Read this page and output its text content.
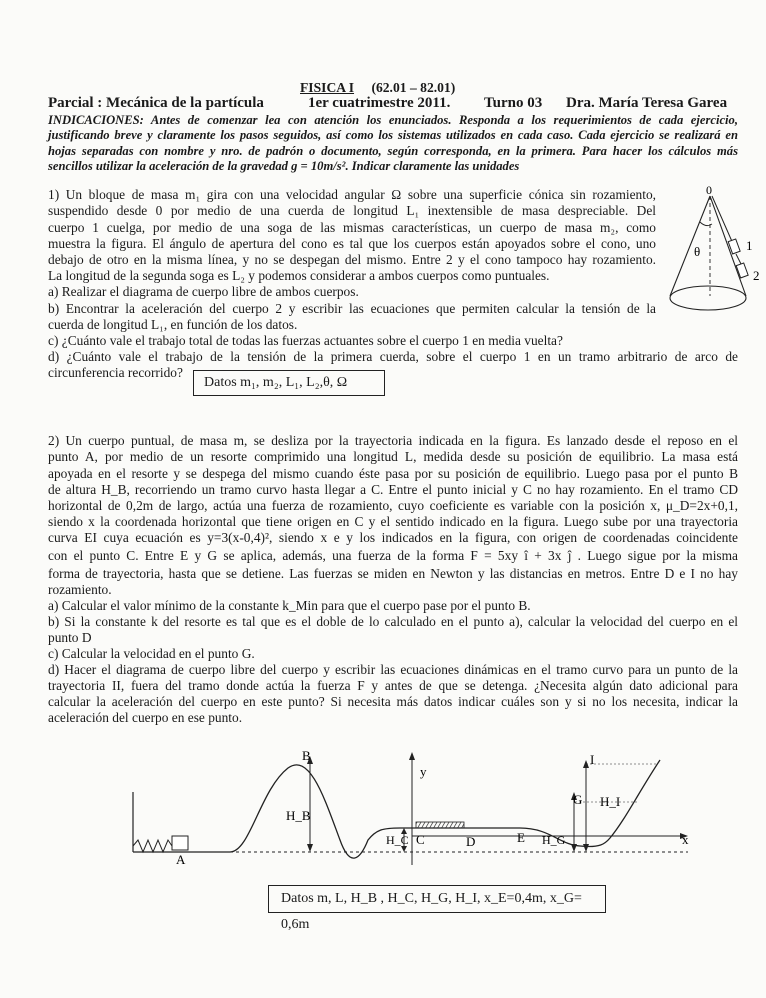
FISICA I (62.01 – 82.01)
Parcial : Mecánica de la partícula	1er cuatrimestre 2011. Turno 03 Dra. María Teresa Garea
INDICACIONES: Antes de comenzar lea con atención los enunciados. Responda a los requerimientos de cada ejercicio,
justificando breve y claramente los pasos seguidos, así como los sistemas utilizados en cada caso. Cada ejercicio se realizará en
hojas separadas con nombre y nro. de padrón o documento, según corresponda, en la primera. Para hacer los cálculos más
sencillos utilizar la aceleración de la gravedad g = 10m/s². Indicar claramente las unidades
1) Un bloque de masa m₁ gira con una velocidad angular Ω sobre una superficie cónica sin rozamiento,
suspendido desde 0 por medio de una cuerda de longitud L₁ inextensible de masa despreciable. Del
cuerpo 1 cuelga, por medio de una soga de las mismas características, un cuerpo de masa m₂, como
muestra la figura. El ángulo de apertura del cono es tal que los cuerpos están apoyados sobre el cono, uno
debajo de otro en la misma línea, y no se despegan del mismo. Entre 2 y el cono tampoco hay rozamiento.
La longitud de la segunda soga es L₂ y podemos considerar a ambos cuerpos como puntuales.
a) Realizar el diagrama de cuerpo libre de ambos cuerpos.
b) Encontrar la aceleración del cuerpo 2 y escribir las ecuaciones que permiten calcular la tensión de la
cuerda de longitud L₁, en función de los datos.
c) ¿Cuánto vale el trabajo total de todas las fuerzas actuantes sobre el cuerpo 1 en media vuelta?
d) ¿Cuánto vale el trabajo de la tensión de la primera cuerda, sobre el cuerpo 1 en un tramo arbitrario de arco de
circunferencia recorrido?
Datos m₁, m₂, L₁, L₂,θ, Ω
0
θ	1
2
2) Un cuerpo puntual, de masa m, se desliza por la trayectoria indicada en la figura. Es lanzado desde el reposo en el
punto A, por medio de un resorte comprimido una longitud L, medida desde su posición de equilibrio. La masa está
apoyada en el resorte y se despega del mismo cuando éste pasa por su posición de equilibrio. Luego pasa por el punto B
de altura H_B, recorriendo un tramo curvo hasta llegar a C. Entre el punto inicial y C no hay rozamiento. En el tramo CD
horizontal de 0,2m de largo, actúa una fuerza de rozamiento, cuyo coeficiente es variable con la posición x, μ_D=2x+0,1,
siendo x la coordenada horizontal que tiene origen en C y el sentido indicado en la figura. Luego sube por una trayectoria
curva EI cuya ecuación es y=3(x-0,4)², siendo x e y los indicados en la figura, con origen de coordenadas coincidente
con el punto C. Entre E y G se aplica, además, una fuerza de la forma F = 5xy î + 3x ĵ . Luego sigue por la misma
forma de trayectoria, hasta que se detiene. Las fuerzas se miden en Newton y las distancias en metros. Entre D e I no hay
rozamiento.
a) Calcular el valor mínimo de la constante k_Min para que el cuerpo pase por el punto B.
b) Si la constante k del resorte es tal que es el doble de lo calculado en el punto a), calcular la velocidad del cuerpo en el
punto D
c) Calcular la velocidad en el punto G.
d) Hacer el diagrama de cuerpo libre del cuerpo y escribir las ecuaciones dinámicas en el tramo curvo para un punto de la
trayectoria II, fuera del tramo donde actúa la fuerza F y antes de que se detenga. ¿Necesita algún dato adicional para
calcular la aceleración del cuerpo en este punto? Si necesita más datos indicar cuáles son y si no los necesita, indicar la
aceleración del cuerpo en ese punto.
A
B
H_B
H_C C	D	E H_G
G
I
H_I
y
x
Datos m, L, H_B , H_C, H_G, H_I, x_E=0,4m, x_G= 0,6m
